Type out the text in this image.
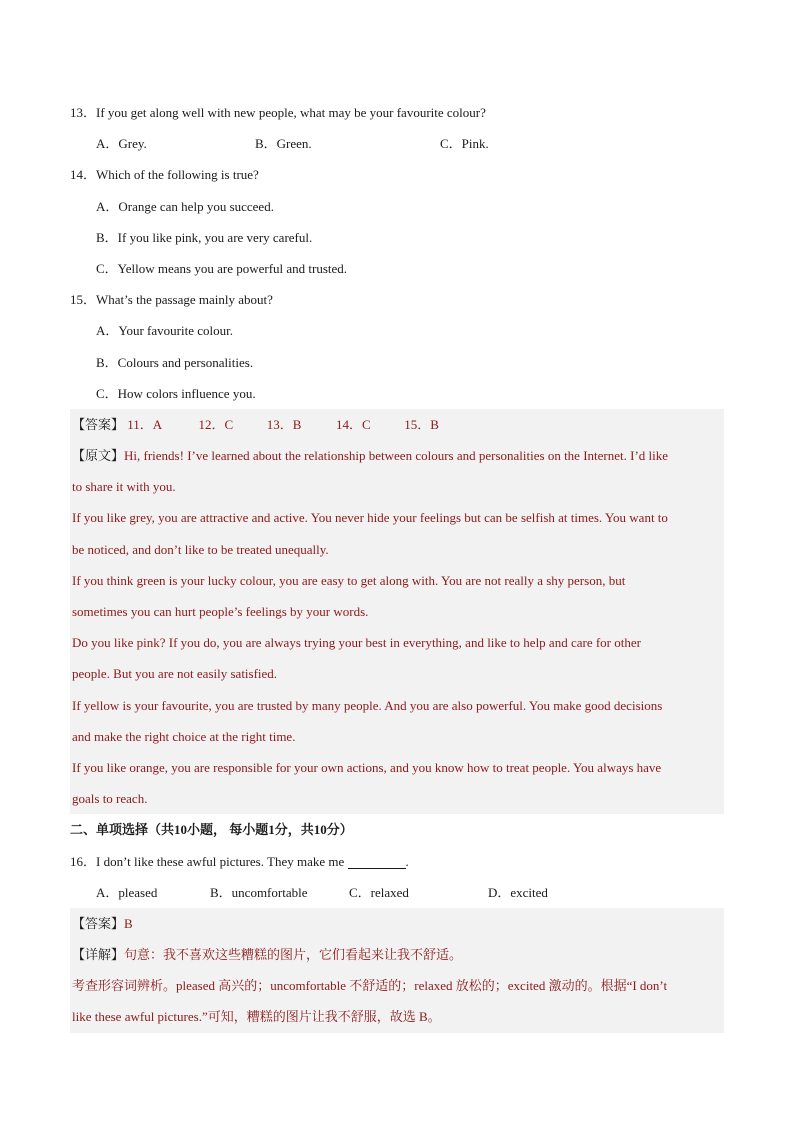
13．If you get along well with new people, what may be your favourite colour?
A．Grey.	B．Green.	C．Pink.
14．Which of the following is true?
A．Orange can help you succeed.
B．If you like pink, you are very careful.
C．Yellow means you are powerful and trusted.
15．What’s the passage mainly about?
A．Your favourite colour.
B．Colours and personalities.
C．How colors influence you.
【答案】 11．A	12．C	13．B	14．C	15．B
【原文】Hi, friends! I’ve learned about the relationship between colours and personalities on the Internet. I’d like
to share it with you.
If you like grey, you are attractive and active. You never hide your feelings but can be selfish at times. You want to
be noticed, and don’t like to be treated unequally.
If you think green is your lucky colour, you are easy to get along with. You are not really a shy person, but
sometimes you can hurt people’s feelings by your words.
Do you like pink? If you do, you are always trying your best in everything, and like to help and care for other
people. But you are not easily satisfied.
If yellow is your favourite, you are trusted by many people. And you are also powerful. You make good decisions
and make the right choice at the right time.
If you like orange, you are responsible for your own actions, and you know how to treat people. You always have
goals to reach.
二、单项选择（共10小题， 每小题1分，共10分）
16．I don’t like these awful pictures. They make me	.
A．pleased	B．uncomfortable	C．relaxed	D．excited
【答案】B
【详解】句意：我不喜欢这些糟糕的图片，它们看起来让我不舒适。
考查形容词辨析。pleased 高兴的；uncomfortable 不舒适的；relaxed 放松的；excited 激动的。根据“I don’t
like these awful pictures.”可知，糟糕的图片让我不舒服，故选 B。
